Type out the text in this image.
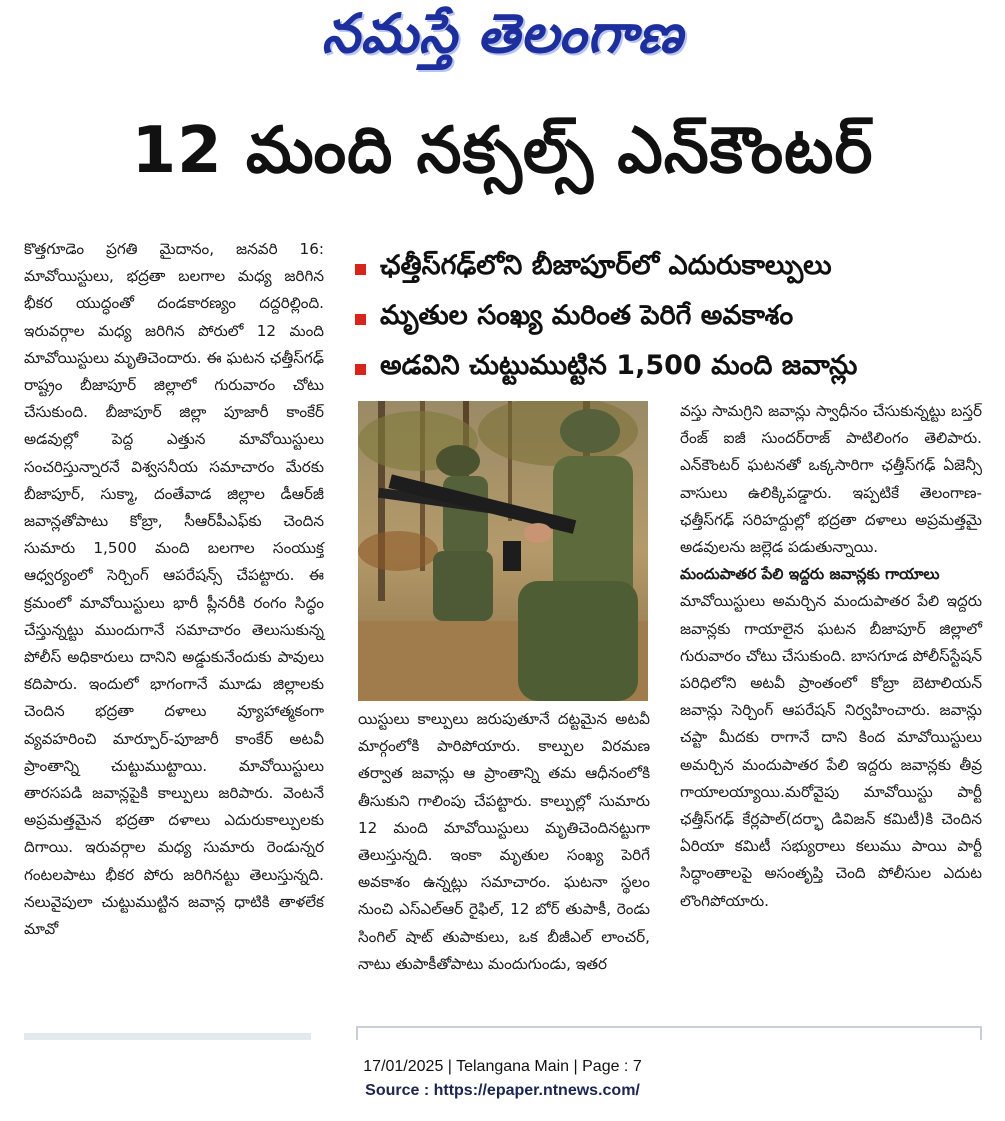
నమస్తే తెలంగాణ
12 మంది నక్సల్స్ ఎన్‌కౌంటర్

కొత్తగూడెం ప్రగతి మైదానం, జనవరి 16: మావోయిస్టులు, భద్రతా బలగాల మధ్య జరిగిన భీకర యుద్ధంతో దండకారణ్యం దద్దరిల్లింది. ఇరువర్గాల మధ్య జరిగిన పోరులో 12 మంది మావోయిస్టులు మృతిచెందారు. ఈ ఘటన ఛత్తీస్‌గఢ్ రాష్ట్రం బీజాపూర్ జిల్లాలో గురువారం చోటు చేసుకుంది. బీజాపూర్ జిల్లా పూజారీ కాంకేర్ అడవుల్లో పెద్ద ఎత్తున మావోయిస్టులు సంచరిస్తున్నారనే విశ్వసనీయ సమాచారం మేరకు బీజాపూర్, సుక్మా, దంతేవాడ జిల్లాల డీఆర్‌జీ జవాన్లతోపాటు కోబ్రా, సీఆర్‌పీఎఫ్‌కు చెందిన సుమారు 1,500 మంది బలగాల సంయుక్త ఆధ్వర్యంలో సెర్చింగ్ ఆపరేషన్స్ చేపట్టారు. ఈ క్రమంలో మావోయిస్టులు భారీ ప్లీనరీకి రంగం సిద్ధం చేస్తున్నట్టు ముందుగానే సమాచారం తెలుసుకున్న పోలీస్ అధికారులు దానిని అడ్డుకునేందుకు పావులు కదిపారు. ఇందులో భాగంగానే మూడు జిల్లాలకు చెందిన భద్రతా దళాలు వ్యూహాత్మకంగా వ్యవహరించి మార్పూర్-పూజారీ కాంకేర్ అటవీ ప్రాంతాన్ని చుట్టుముట్టాయి. మావోయిస్టులు తారసపడి జవాన్లపైకి కాల్పులు జరిపారు. వెంటనే అప్రమత్తమైన భద్రతా దళాలు ఎదురుకాల్పులకు దిగాయి. ఇరువర్గాల మధ్య సుమారు రెండున్నర గంటలపాటు భీకర పోరు జరిగినట్టు తెలుస్తున్నది. నలువైపులా చుట్టుముట్టిన జవాన్ల ధాటికి తాళలేక మావో

ఛత్తీస్‌గఢ్‌లోని బీజాపూర్‌లో ఎదురుకాల్పులు
మృతుల సంఖ్య మరింత పెరిగే అవకాశం
అడవిని చుట్టుముట్టిన 1,500 మంది జవాన్లు

యిస్టులు కాల్పులు జరుపుతూనే దట్టమైన అటవీ మార్గంలోకి పారిపోయారు. కాల్పుల విరమణ తర్వాత జవాన్లు ఆ ప్రాంతాన్ని తమ ఆధీనంలోకి తీసుకుని గాలింపు చేపట్టారు. కాల్పుల్లో సుమారు 12 మంది మావోయిస్టులు మృతిచెందినట్టుగా తెలుస్తున్నది. ఇంకా మృతుల సంఖ్య పెరిగే అవకాశం ఉన్నట్లు సమాచారం. ఘటనా స్థలం నుంచి ఎస్‌ఎల్‌ఆర్ రైఫిల్, 12 బోర్ తుపాకీ, రెండు సింగిల్ షాట్ తుపాకులు, ఒక బీజీఎల్ లాంచర్, నాటు తుపాకీతోపాటు మందుగుండు, ఇతర

వస్తు సామగ్రిని జవాన్లు స్వాధీనం చేసుకున్నట్టు బస్తర్ రేంజ్ ఐజీ సుందర్‌రాజ్ పాటిలింగం తెలిపారు. ఎన్‌కౌంటర్ ఘటనతో ఒక్కసారిగా ఛత్తీస్‌గఢ్ ఏజెన్సీ వాసులు ఉలిక్కిపడ్డారు. ఇప్పటికే తెలంగాణ-ఛత్తీస్‌గఢ్ సరిహద్దుల్లో భద్రతా దళాలు అప్రమత్తమై అడవులను జల్లెడ పడుతున్నాయి.

మందుపాతర పేలి ఇద్దరు జవాన్లకు గాయాలు

మావోయిస్టులు అమర్చిన మందుపాతర పేలి ఇద్దరు జవాన్లకు గాయాలైన ఘటన బీజాపూర్ జిల్లాలో గురువారం చోటు చేసుకుంది. బాసగూడ పోలీస్‌స్టేషన్ పరిధిలోని అటవీ ప్రాంతంలో కోబ్రా బెటాలియన్ జవాన్లు సెర్చింగ్ ఆపరేషన్ నిర్వహించారు. జవాన్లు చప్టా మీదకు రాగానే దాని కింద మావోయిస్టులు అమర్చిన మందుపాతర పేలి ఇద్దరు జవాన్లకు తీవ్ర గాయాలయ్యాయి.మరోవైపు మావోయిస్టు పార్టీ ఛత్తీస్‌గఢ్ కేర్లపాల్(దర్భా డివిజన్ కమిటీ)కి చెందిన ఏరియా కమిటీ సభ్యురాలు కలుము పాయి పార్టీ సిద్ధాంతాలపై అసంతృప్తి చెంది పోలీసుల ఎదుట లొంగిపోయారు.

17/01/2025 | Telangana Main | Page : 7
Source : https://epaper.ntnews.com/
